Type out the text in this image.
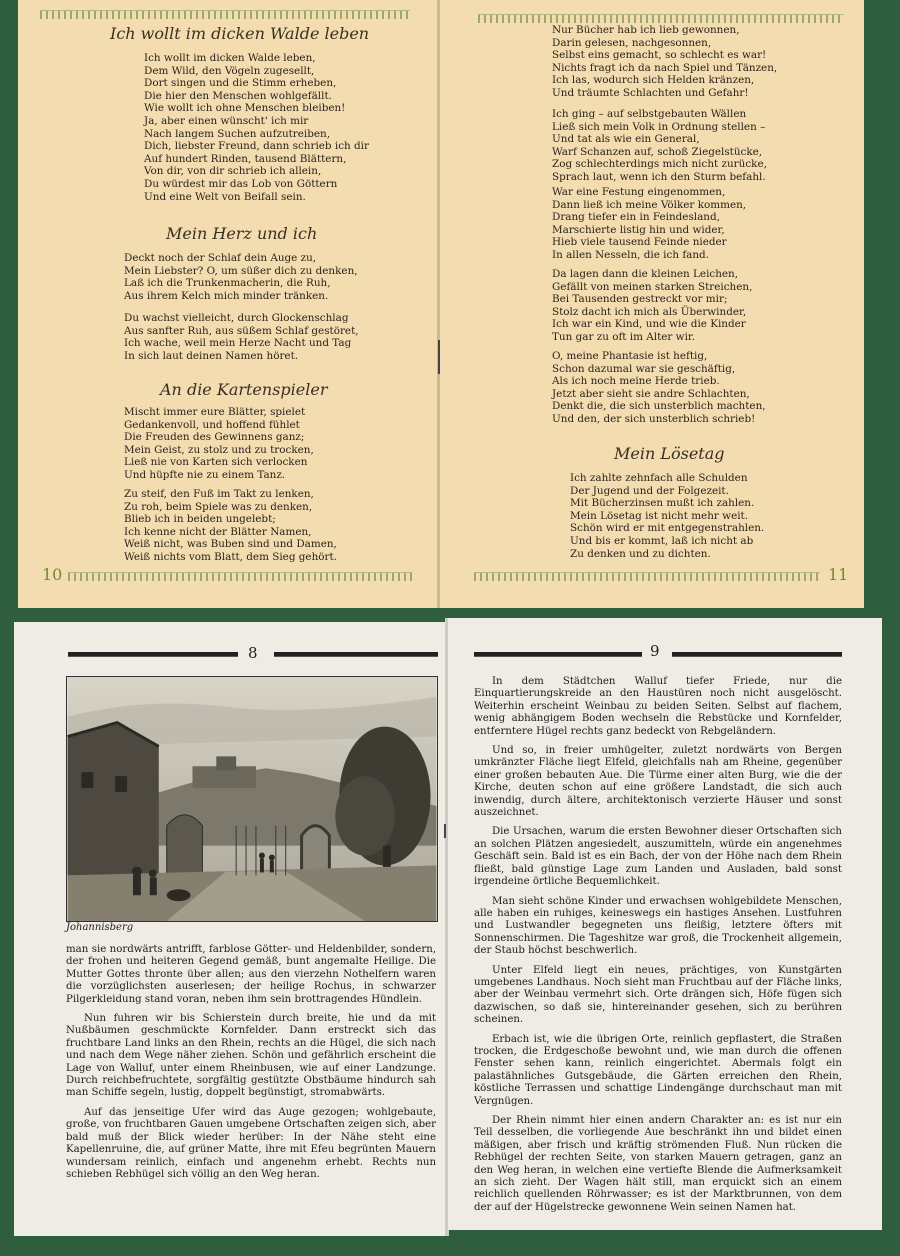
Ich wollt im dicken Walde leben
Ich wollt im dicken Walde leben,
Dem Wild, den Vögeln zugesellt,
Dort singen und die Stimm erheben,
Die hier den Menschen wohlgefällt.
Wie wollt ich ohne Menschen bleiben!
Ja, aber einen wünscht' ich mir
Nach langem Suchen aufzutreiben,
Dich, liebster Freund, dann schrieb ich dir
Auf hundert Rinden, tausend Blättern,
Von dir, von dir schrieb ich allein,
Du würdest mir das Lob von Göttern
Und eine Welt von Beifall sein.
Mein Herz und ich
Deckt noch der Schlaf dein Auge zu,
Mein Liebster? O, um süßer dich zu denken,
Laß ich die Trunkenmacherin, die Ruh,
Aus ihrem Kelch mich minder tränken.
Du wachst vielleicht, durch Glockenschlag
Aus sanfter Ruh, aus süßem Schlaf gestöret,
Ich wache, weil mein Herze Nacht und Tag
In sich laut deinen Namen höret.
An die Kartenspieler
Mischt immer eure Blätter, spielet
Gedankenvoll, und hoffend fühlet
Die Freuden des Gewinnens ganz;
Mein Geist, zu stolz und zu trocken,
Ließ nie von Karten sich verlocken
Und hüpfte nie zu einem Tanz.
Zu steif, den Fuß im Takt zu lenken,
Zu roh, beim Spiele was zu denken,
Blieb ich in beiden ungelebt;
Ich kenne nicht der Blätter Namen,
Weiß nicht, was Buben sind und Damen,
Weiß nichts vom Blatt, dem Sieg gehört.
10
Nur Bücher hab ich lieb gewonnen,
Darin gelesen, nachgesonnen,
Selbst eins gemacht, so schlecht es war!
Nichts fragt ich da nach Spiel und Tänzen,
Ich las, wodurch sich Helden kränzen,
Und träumte Schlachten und Gefahr!
Ich ging – auf selbstgebauten Wällen
Ließ sich mein Volk in Ordnung stellen –
Und tat als wie ein General,
Warf Schanzen auf, schoß Ziegelstücke,
Zog schlechterdings mich nicht zurücke,
Sprach laut, wenn ich den Sturm befahl.
War eine Festung eingenommen,
Dann ließ ich meine Völker kommen,
Drang tiefer ein in Feindesland,
Marschierte listig hin und wider,
Hieb viele tausend Feinde nieder
In allen Nesseln, die ich fand.
Da lagen dann die kleinen Leichen,
Gefällt von meinen starken Streichen,
Bei Tausenden gestreckt vor mir;
Stolz dacht ich mich als Überwinder,
Ich war ein Kind, und wie die Kinder
Tun gar zu oft im Alter wir.
O, meine Phantasie ist heftig,
Schon dazumal war sie geschäftig,
Als ich noch meine Herde trieb.
Jetzt aber sieht sie andre Schlachten,
Denkt die, die sich unsterblich machten,
Und den, der sich unsterblich schrieb!
Mein Lösetag
Ich zahlte zehnfach alle Schulden
Der Jugend und der Folgezeit.
Mit Bücherzinsen mußt ich zahlen.
Mein Lösetag ist nicht mehr weit.
Schön wird er mit entgegenstrahlen.
Und bis er kommt, laß ich nicht ab
Zu denken und zu dichten.
11
8
Johannisberg

man sie nordwärts antrifft, farblose Götter- und Heldenbilder, sondern, der frohen und heiteren Gegend gemäß, bunt angemalte Heilige. Die Mutter Gottes thronte über allen; aus den vierzehn Nothelfern waren die vorzüglichsten auserlesen; der heilige Rochus, in schwarzer Pilgerkleidung stand voran, neben ihm sein brottragendes Hündlein.

Nun fuhren wir bis Schierstein durch breite, hie und da mit Nußbäumen geschmückte Kornfelder. Dann erstreckt sich das fruchtbare Land links an den Rhein, rechts an die Hügel, die sich nach und nach dem Wege näher ziehen. Schön und gefährlich erscheint die Lage von Walluf, unter einem Rheinbusen, wie auf einer Landzunge. Durch reichbefruchtete, sorgfältig gestützte Obstbäume hindurch sah man Schiffe segeln, lustig, doppelt begünstigt, stromabwärts.

Auf das jenseitige Ufer wird das Auge gezogen; wohlgebaute, große, von fruchtbaren Gauen umgebene Ortschaften zeigen sich, aber bald muß der Blick wieder herüber: In der Nähe steht eine Kapellenruine, die, auf grüner Matte, ihre mit Efeu begrünten Mauern wundersam reinlich, einfach und angenehm erhebt. Rechts nun schieben Rebhügel sich völlig an den Weg heran.

9

In dem Städtchen Walluf tiefer Friede, nur die Einquartierungskreide an den Haustüren noch nicht ausgelöscht. Weiterhin erscheint Weinbau zu beiden Seiten. Selbst auf flachem, wenig abhängigem Boden wechseln die Rebstücke und Kornfelder, entferntere Hügel rechts ganz bedeckt von Rebgeländern.

Und so, in freier umhügelter, zuletzt nordwärts von Bergen umkränzter Fläche liegt Elfeld, gleichfalls nah am Rheine, gegenüber einer großen bebauten Aue. Die Türme einer alten Burg, wie die der Kirche, deuten schon auf eine größere Landstadt, die sich auch inwendig, durch ältere, architektonisch verzierte Häuser und sonst auszeichnet.

Die Ursachen, warum die ersten Bewohner dieser Ortschaften sich an solchen Plätzen angesiedelt, auszumitteln, würde ein angenehmes Geschäft sein. Bald ist es ein Bach, der von der Höhe nach dem Rhein fließt, bald günstige Lage zum Landen und Ausladen, bald sonst irgendeine örtliche Bequemlichkeit.

Man sieht schöne Kinder und erwachsen wohlgebildete Menschen, alle haben ein ruhiges, keineswegs ein hastiges Ansehen. Lustfuhren und Lustwandler begegneten uns fleißig, letztere öfters mit Sonnenschirmen. Die Tageshitze war groß, die Trockenheit allgemein, der Staub höchst beschwerlich.

Unter Elfeld liegt ein neues, prächtiges, von Kunstgärten umgebenes Landhaus. Noch sieht man Fruchtbau auf der Fläche links, aber der Weinbau vermehrt sich. Orte drängen sich, Höfe fügen sich dazwischen, so daß sie, hintereinander gesehen, sich zu berühren scheinen.

Erbach ist, wie die übrigen Orte, reinlich gepflastert, die Straßen trocken, die Erdgeschoße bewohnt und, wie man durch die offenen Fenster sehen kann, reinlich eingerichtet. Abermals folgt ein palastähnliches Gutsgebäude, die Gärten erreichen den Rhein, köstliche Terrassen und schattige Lindengänge durchschaut man mit Vergnügen.

Der Rhein nimmt hier einen andern Charakter an: es ist nur ein Teil desselben, die vorliegende Aue beschränkt ihn und bildet einen mäßigen, aber frisch und kräftig strömenden Fluß. Nun rücken die Rebhügel der rechten Seite, von starken Mauern getragen, ganz an den Weg heran, in welchen eine vertiefte Blende die Aufmerksamkeit an sich zieht. Der Wagen hält still, man erquickt sich an einem reichlich quellenden Röhrwasser; es ist der Marktbrunnen, von dem der auf der Hügelstrecke gewonnene Wein seinen Namen hat.
